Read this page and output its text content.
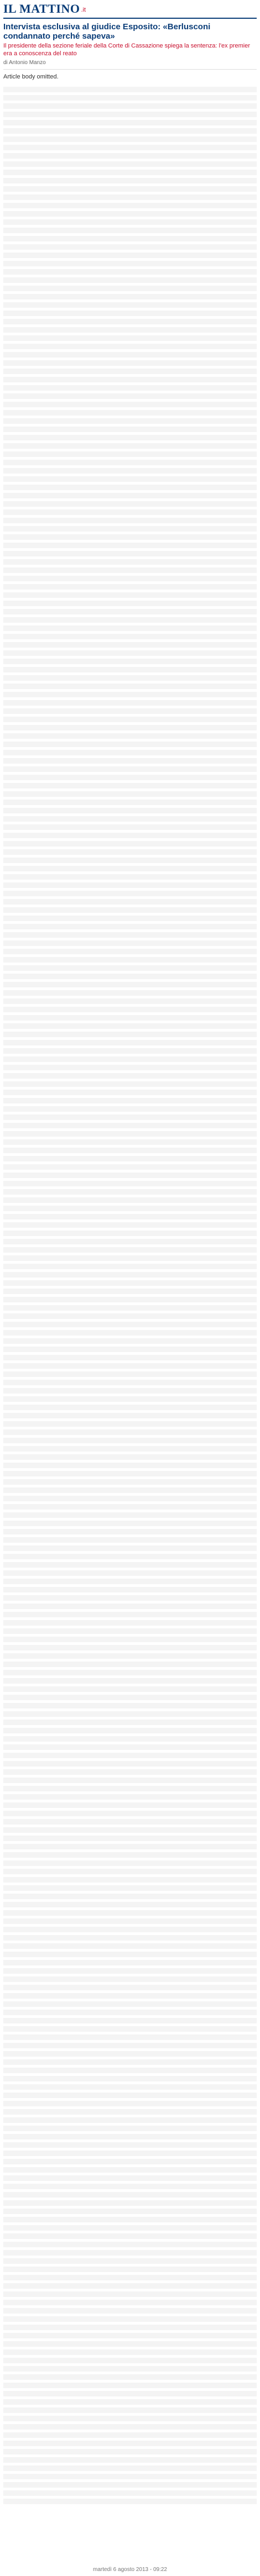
IL MATTINO .it
Intervista esclusiva al giudice Esposito: «Berlusconi condannato perché sapeva»
Il presidente della sezione feriale della Corte di Cassazione spiega la sentenza: l'ex premier era a conoscenza del reato
di Antonio Manzo

Article body omitted.

martedì 6 agosto 2013 - 09:22
